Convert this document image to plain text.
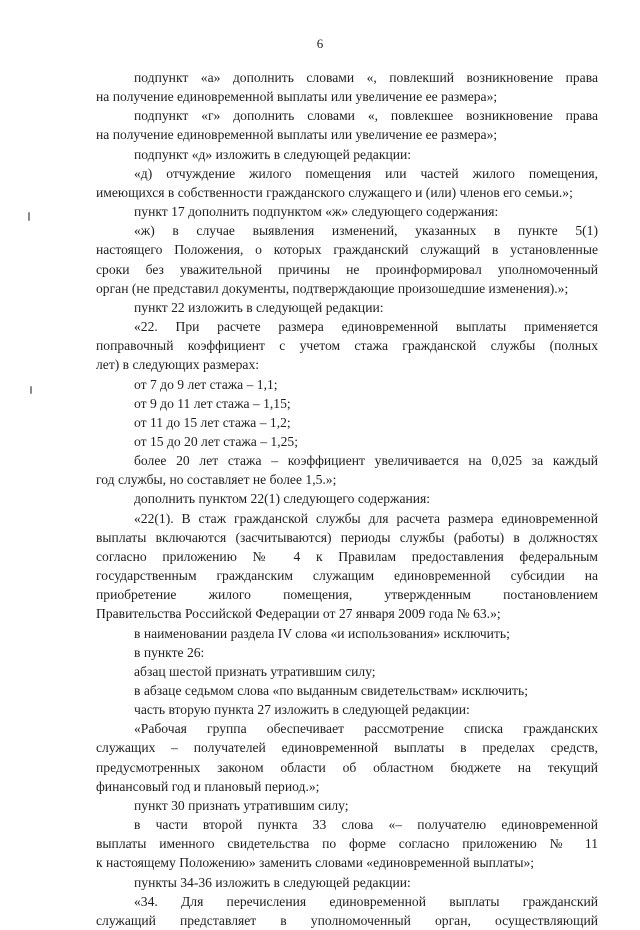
6

подпункт «а» дополнить словами «, повлекший возникновение права

на получение единовременной выплаты или увеличение ее размера»;

подпункт «г» дополнить словами «, повлекшее возникновение права

на получение единовременной выплаты или увеличение ее размера»;

подпункт «д» изложить в следующей редакции:

«д) отчуждение жилого помещения или частей жилого помещения,

имеющихся в собственности гражданского служащего и (или) членов его семьи.»;

пункт 17 дополнить подпунктом «ж» следующего содержания:

«ж) в случае выявления изменений, указанных в пункте 5(1)

настоящего Положения, о которых гражданский служащий в установленные

сроки без уважительной причины не проинформировал уполномоченный

орган (не представил документы, подтверждающие произошедшие изменения).»;

пункт 22 изложить в следующей редакции:

«22. При расчете размера единовременной выплаты применяется

поправочный коэффициент с учетом стажа гражданской службы (полных

лет) в следующих размерах:

от 7 до 9 лет стажа – 1,1;

от 9 до 11 лет стажа – 1,15;

от 11 до 15 лет стажа – 1,2;

от 15 до 20 лет стажа – 1,25;

более 20 лет стажа – коэффициент увеличивается на 0,025 за каждый

год службы, но составляет не более 1,5.»;

дополнить пунктом 22(1) следующего содержания:

«22(1). В стаж гражданской службы для расчета размера единовременной

выплаты включаются (засчитываются) периоды службы (работы) в должностях

согласно приложению № 4 к Правилам предоставления федеральным

государственным гражданским служащим единовременной субсидии на

приобретение жилого помещения, утвержденным постановлением

Правительства Российской Федерации от 27 января 2009 года № 63.»;

в наименовании раздела IV слова «и использования» исключить;

в пункте 26:

абзац шестой признать утратившим силу;

в абзаце седьмом слова «по выданным свидетельствам» исключить;

часть вторую пункта 27 изложить в следующей редакции:

«Рабочая группа обеспечивает рассмотрение списка гражданских

служащих – получателей единовременной выплаты в пределах средств,

предусмотренных законом области об областном бюджете на текущий

финансовый год и плановый период.»;

пункт 30 признать утратившим силу;

в части второй пункта 33 слова «– получателю единовременной

выплаты именного свидетельства по форме согласно приложению № 11

к настоящему Положению» заменить словами «единовременной выплаты»;

пункты 34-36 изложить в следующей редакции:

«34. Для перечисления единовременной выплаты гражданский

служащий представляет в уполномоченный орган, осуществляющий
